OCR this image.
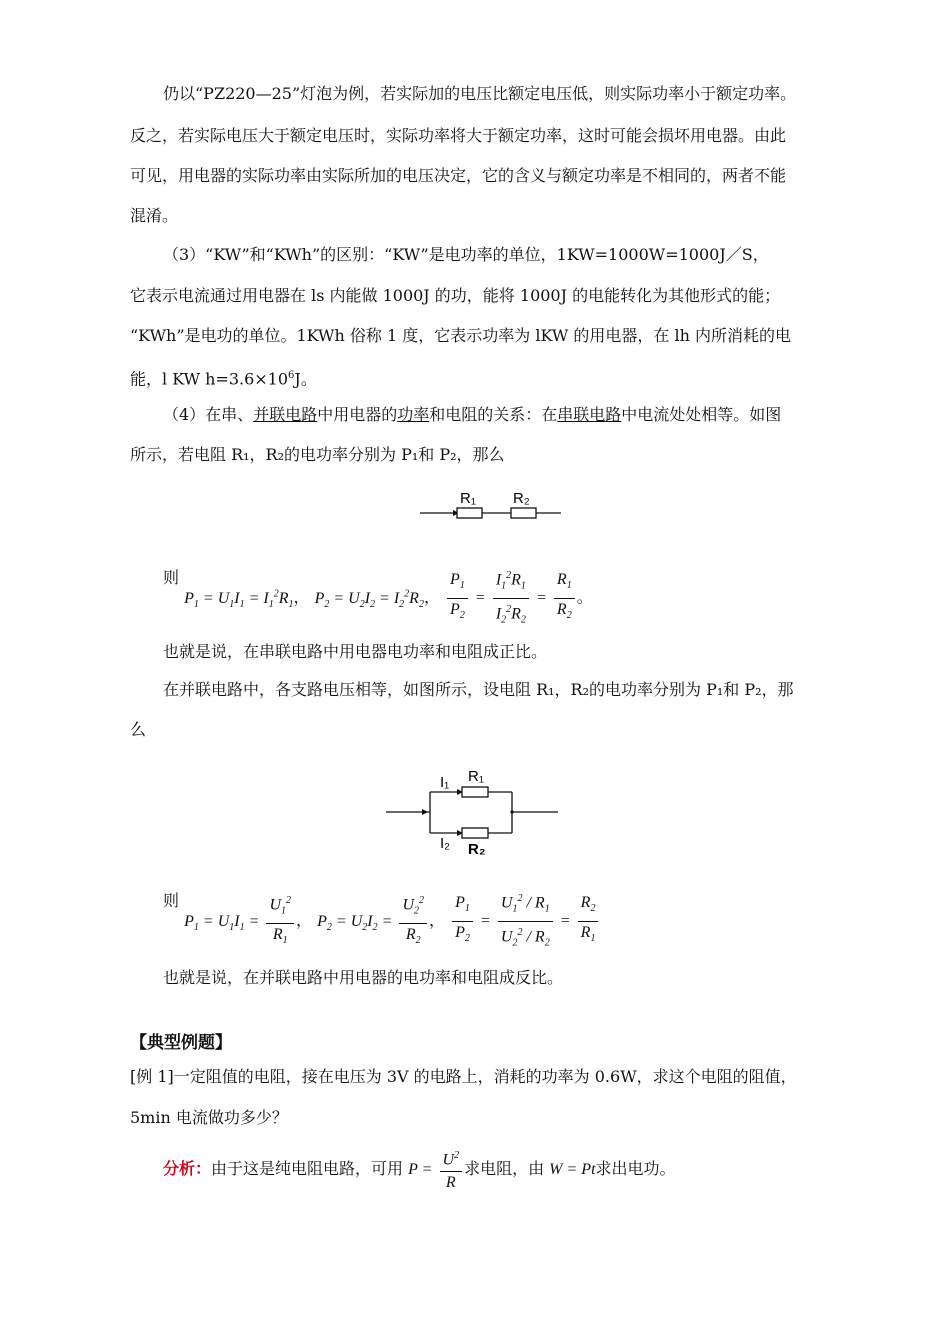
仍以“PZ220—25”灯泡为例，若实际加的电压比额定电压低，则实际功率小于额定功率。
反之，若实际电压大于额定电压时，实际功率将大于额定功率，这时可能会损坏用电器。由此
可见，用电器的实际功率由实际所加的电压决定，它的含义与额定功率是不相同的，两者不能
混淆。
（3）“KW”和“KWh”的区别：“KW”是电功率的单位，1KW=1000W=1000J／S，
它表示电流通过用电器在 ls 内能做 1000J 的功，能将 1000J 的电能转化为其他形式的能；
“KWh”是电功的单位。1KWh 俗称 1 度，它表示功率为 lKW 的用电器，在 lh 内所消耗的电
能，l KW $h=3.6\times 10^6J$。
（4）在串、并联电路中用电器的功率和电阻的关系：在串联电路中电流处处相等。如图
所示，若电阻 R₁，R₂的电功率分别为 P₁和 P₂，那么
R₁ R₂
则 $P_1 = U_1I_1 = I_1^2R_1$， $P_2 = U_2I_2 = I_2^2R_2$， $\frac{P_1}{P_2} = \frac{I_1^2R_1}{I_2^2R_2} = \frac{R_1}{R_2}$ 。
也就是说，在串联电路中用电器电功率和电阻成正比。
在并联电路中，各支路电压相等，如图所示，设电阻 R₁，R₂的电功率分别为 P₁和 P₂，那
么
I₁ R₁
I₂ R₂
则 $P_1 = U_1I_1 = \frac{U_1^2}{R_1}$ ， $P_2 = U_2I_2 = \frac{U_2^2}{R_2}$ ， $\frac{P_1}{P_2} = \frac{U_1^2 / R_1}{U_2^2 / R_2} = \frac{R_2}{R_1}$
也就是说，在并联电路中用电器的电功率和电阻成反比。
【典型例题】
[例 1]一定阻值的电阻，接在电压为 3V 的电路上，消耗的功率为 0.6W，求这个电阻的阻值，
5min 电流做功多少？
分析：由于这是纯电阻电路，可用 $P = \frac{U^2}{R}$ 求电阻，由 W = Pt求出电功。
